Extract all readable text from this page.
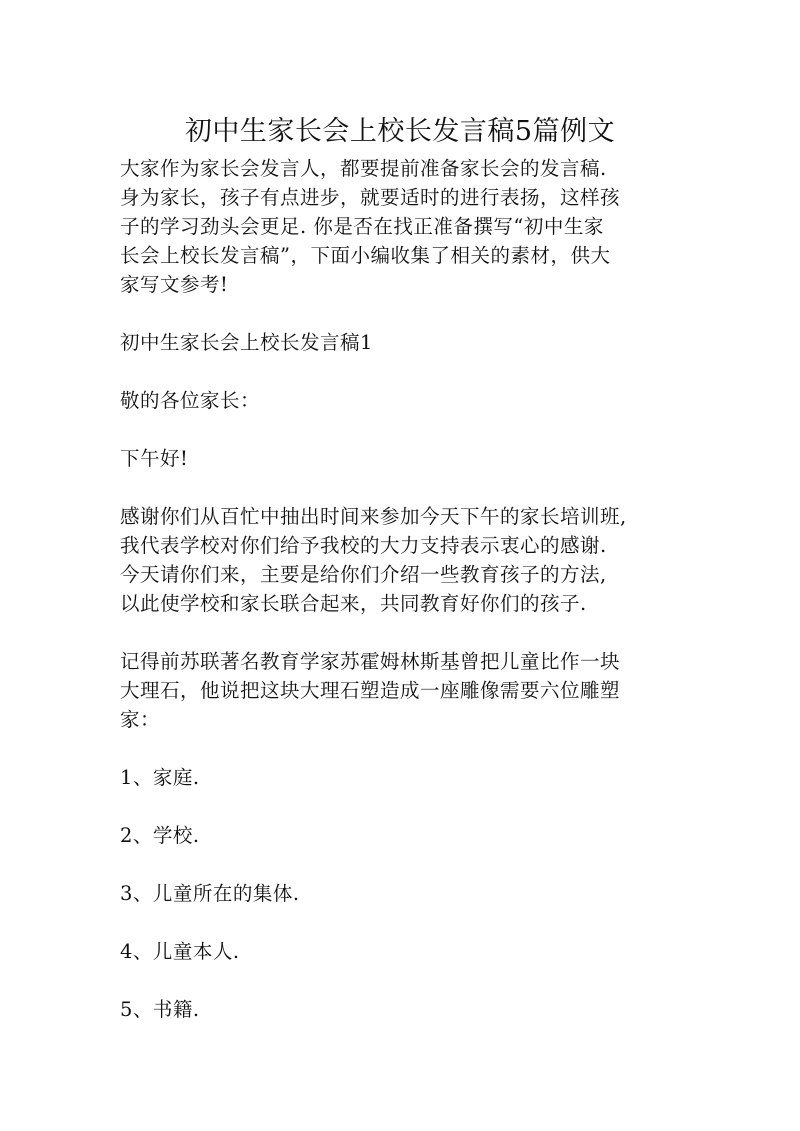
初中生家长会上校长发言稿5篇例文

大家作为家长会发言人，都要提前准备家长会的发言稿.
身为家长，孩子有点进步，就要适时的进行表扬，这样孩
子的学习劲头会更足. 你是否在找正准备撰写“初中生家
长会上校长发言稿”，下面小编收集了相关的素材，供大
家写文参考!

初中生家长会上校长发言稿1

敬的各位家长：

下午好!

感谢你们从百忙中抽出时间来参加今天下午的家长培训班,
我代表学校对你们给予我校的大力支持表示衷心的感谢.
今天请你们来，主要是给你们介绍一些教育孩子的方法,
以此使学校和家长联合起来，共同教育好你们的孩子.

记得前苏联著名教育学家苏霍姆林斯基曾把儿童比作一块
大理石，他说把这块大理石塑造成一座雕像需要六位雕塑
家：

1、家庭.

2、学校.

3、儿童所在的集体.

4、儿童本人.

5、书籍.
